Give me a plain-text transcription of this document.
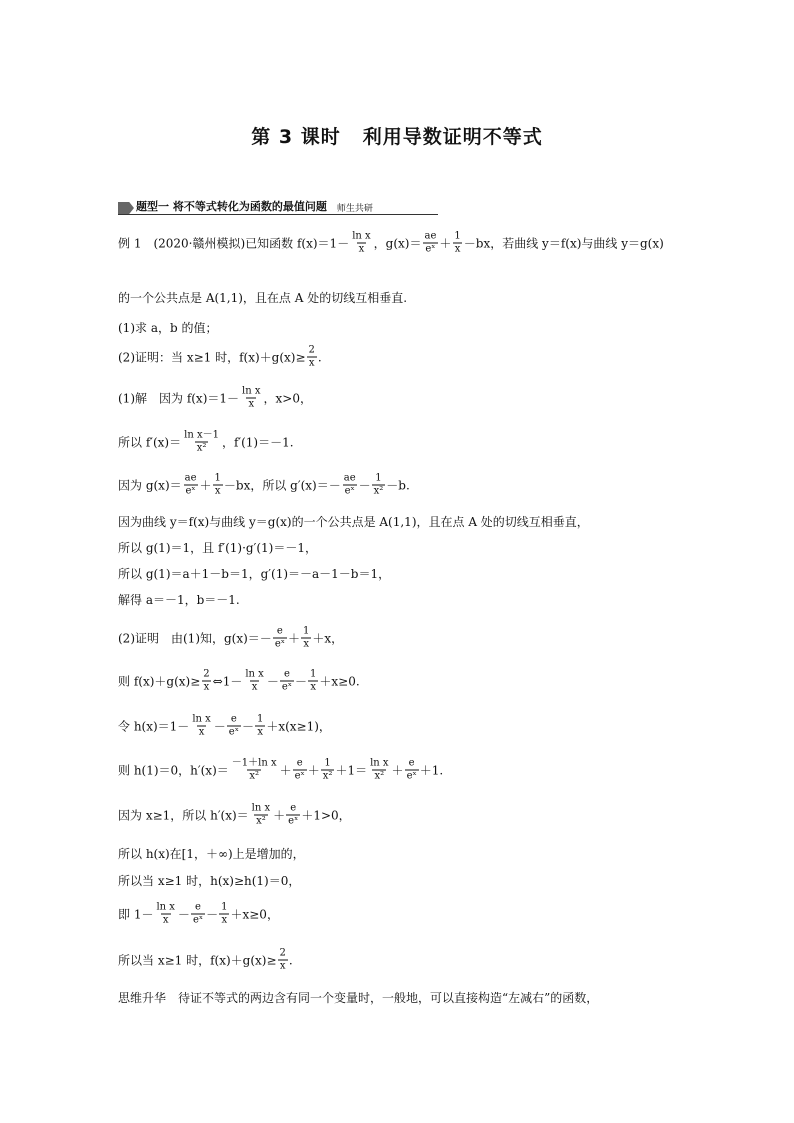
第 3 课时 利用导数证明不等式
题型一 将不等式转化为函数的最值问题 师生共研
例 1　(2020·赣州模拟)已知函数 $f(x)=1- \frac{\text{ln x}}{x}$ ，$g(x)= \frac{ae}{\text{eˣ}} + \frac{1}{x} -bx$，若曲线 y＝f(x)与曲线 y＝g(x)
的一个公共点是 A(1,1)，且在点 A 处的切线互相垂直.
(1)求 a，b 的值；
(2)证明：当 x≥1 时，$f(x)+g(x)\ge \frac{2}{x}$ .
(1)解　因为 $f(x)=1- \frac{\text{ln x}}{x}$ ，x>0，
所以 $f'(x)= \frac{\text{ln x－1}}{\text{x²}}$ ，f′(1)＝－1.
因为 $g(x)= \frac{ae}{\text{eˣ}} + \frac{1}{x} -bx$，所以 $g'(x)=- \frac{ae}{\text{eˣ}} - \frac{1}{\text{x²}} -b$.
因为曲线 y＝f(x)与曲线 y＝g(x)的一个公共点是 A(1,1)，且在点 A 处的切线互相垂直，
所以 g(1)＝1，且 f′(1)·g′(1)＝－1，
所以 g(1)＝a＋1－b＝1，g′(1)＝－a－1－b＝1，
解得 a＝－1，b＝－1.
(2)证明　由(1)知，$g(x)=- \frac{e}{\text{eˣ}} + \frac{1}{x} +x$，
则 $f(x)+g(x)\ge \frac{2}{x}$ ⇔1－ $\frac{\text{ln x}}{x} - \frac{e}{\text{eˣ}} - \frac{1}{x} +x\ge 0$.
令 $h(x)=1- \frac{\text{ln x}}{x} - \frac{e}{\text{eˣ}} - \frac{1}{x} +x(x\ge 1)$，
则 h(1)＝0，$h'(x)= \frac{\text{－1＋ln x}}{\text{x²}} + \frac{e}{\text{eˣ}} + \frac{1}{\text{x²}} +1= \frac{\text{ln x}}{\text{x²}} + \frac{e}{\text{eˣ}} +1$.
因为 x≥1，所以 $h'(x)= \frac{\text{ln x}}{\text{x²}} + \frac{e}{\text{eˣ}} +1>0$，
所以 h(x)在[1，＋∞)上是增加的，
所以当 x≥1 时，h(x)≥h(1)＝0，
即 $1- \frac{\text{ln x}}{x} - \frac{e}{\text{eˣ}} - \frac{1}{x} +x\ge 0$，
所以当 x≥1 时，$f(x)+g(x)\ge \frac{2}{x}$ .
思维升华　待证不等式的两边含有同一个变量时，一般地，可以直接构造“左减右”的函数，
